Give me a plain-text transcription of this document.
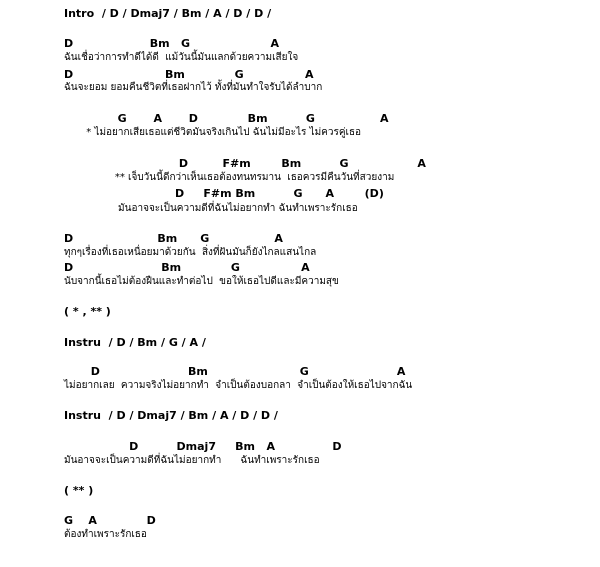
Intro  / D / Dmaj7 / Bm / A / D / D /
D                    Bm   G                     A
ฉันเชื่อว่าการทำดีได้ดี  แม้วันนี้มันแลกด้วยความเสียใจ
D                        Bm             G                A
ฉันจะยอม ยอมคืนชีวิตที่เธอฝากไว้ ทั้งที่มันทำใจรับได้ลำบาก
G       A       D             Bm          G                 A
* ไม่อยากเสียเธอแต่ชีวิตมันจริงเกินไป ฉันไม่มีอะไร ไม่ควรคู่เธอ
D         F#m        Bm          G                  A
** เจ็บวันนี้ดีกว่าเห็นเธอต้องทนทรมาน  เธอควรมีคืนวันที่สวยงาม
D     F#m Bm          G      A        (D)
มันอาจจะเป็นความดีที่ฉันไม่อยากทำ ฉันทำเพราะรักเธอ
D                      Bm      G                 A
ทุกๆเรื่องที่เธอเหนื่อยมาด้วยกัน  สิ่งที่ฝันมันก็ยังไกลแสนไกล
D                       Bm             G                A
นับจากนี้เธอไม่ต้องฝืนและทำต่อไป  ขอให้เธอไปดีและมีความสุข
( * , ** )
Instru  / D / Bm / G / A /
D                       Bm                        G                       A
ไม่อยากเลย  ความจริงไม่อยากทำ  จำเป็นต้องบอกลา  จำเป็นต้องให้เธอไปจากฉัน
Instru  / D / Dmaj7 / Bm / A / D / D /
D          Dmaj7     Bm   A               D
มันอาจจะเป็นความดีที่ฉันไม่อยากทำ      ฉันทำเพราะรักเธอ
( ** )
G    A             D
ต้องทำเพราะรักเธอ
